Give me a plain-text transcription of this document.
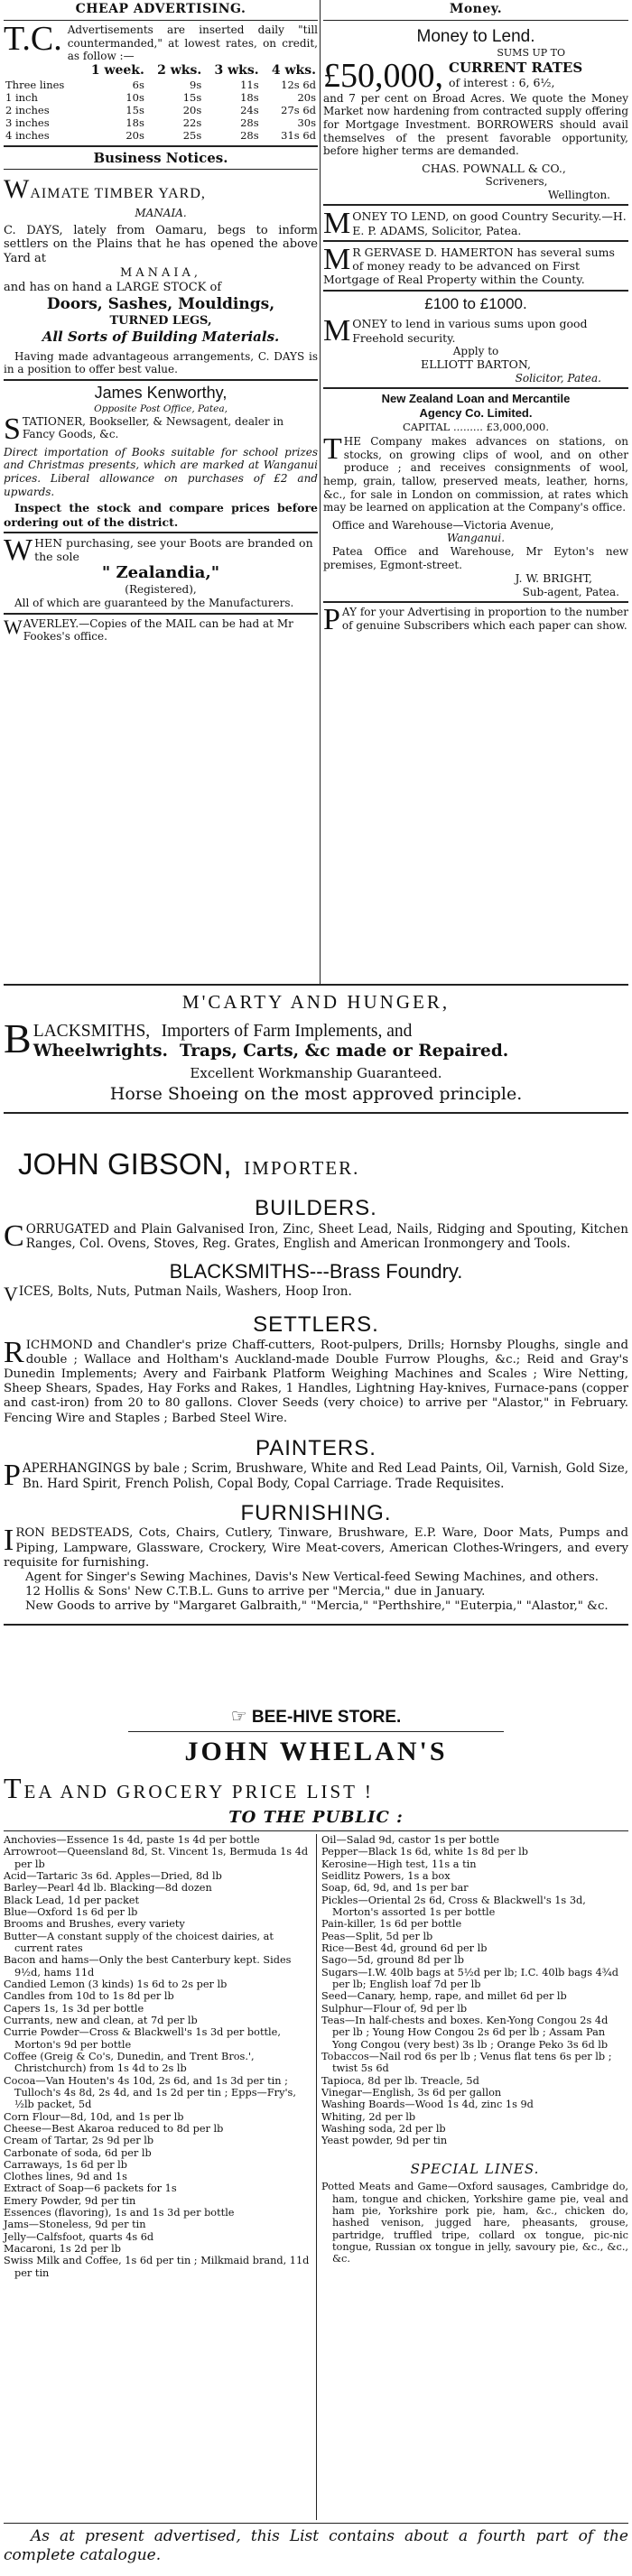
CHEAP ADVERTISING.
T.C. Advertisements are inserted daily "till countermanded," at lowest rates, on credit, as follow :—
	1 week.	2 wks.	3 wks.	4 wks.
Three lines	6s	9s	11s	12s 6d
1 inch	10s	15s	18s	20s
2 inches	15s	20s	24s	27s 6d
3 inches	18s	22s	28s	30s
4 inches	20s	25s	28s	31s 6d
Business Notices.
WAIMATE TIMBER YARD,
MANAIA.

C. DAYS, lately from Oamaru, begs to inform settlers on the Plains that he has opened the above Yard at

MANAIA,

and has on hand a LARGE STOCK of

Doors, Sashes, Mouldings,
TURNED LEGS,
All Sorts of Building Materials.

Having made advantageous arrangements, C. DAYS is in a position to offer best value.

James Kenworthy,
Opposite Post Office, Patea,
S TATIONER, Bookseller, & Newsagent, dealer in Fancy Goods, &c.

Direct importation of Books suitable for school prizes and Christmas presents, which are marked at Wanganui prices. Liberal allowance on purchases of £2 and upwards.

Inspect the stock and compare prices before ordering out of the district.

W HEN purchasing, see your Boots are branded on the sole
" Zealandia,"
(Registered),

All of which are guaranteed by the Manufacturers.

W AVERLEY.—Copies of the MAIL can be had at Mr Fookes's office.
Money.
Money to Lend.
SUMS UP TO
£50,000, CURRENT RATES
of interest : 6, 6½,

and 7 per cent on Broad Acres. We quote the Money Market now hardening from contracted supply offering for Mortgage Investment. BORROWERS should avail themselves of the present favorable opportunity, before higher terms are demanded.

CHAS. POWNALL & CO.,
Scriveners,
Wellington.
M ONEY TO LEND, on good Country Security.—H. E. P. ADAMS, Solicitor, Patea.
M R GERVASE D. HAMERTON has several sums of money ready to be advanced on First Mortgage of Real Property within the County.
£100 to £1000.
M ONEY to lend in various sums upon good Freehold security.
Apply to
ELLIOTT BARTON,
Solicitor, Patea.
New Zealand Loan and Mercantile
Agency Co. Limited.
CAPITAL ......... £3,000,000.
T HE Company makes advances on stations, on stocks, on growing clips of wool, and on other produce ; and receives consignments of wool, hemp, grain, tallow, preserved meats, leather, horns, &c., for sale in London on commission, at rates which may be learned on application at the Company's office.

Office and Warehouse—Victoria Avenue,

Wanganui.

Patea Office and Warehouse, Mr Eyton's new premises, Egmont-street.

J. W. BRIGHT,
Sub-agent, Patea.
P AY for your Advertising in proportion to the number of genuine Subscribers which each paper can show.
M'CARTY AND HUNGER,
B LACKSMITHS, Importers of Farm Implements, and
Wheelwrights. Traps, Carts, &c made or Repaired.
Excellent Workmanship Guaranteed.
Horse Shoeing on the most approved principle.
JOHN GIBSON, IMPORTER.
BUILDERS.
C ORRUGATED and Plain Galvanised Iron, Zinc, Sheet Lead, Nails, Ridging and Spouting, Kitchen Ranges, Col. Ovens, Stoves, Reg. Grates, English and American Ironmongery and Tools.
BLACKSMITHS---Brass Foundry.
V ICES, Bolts, Nuts, Putman Nails, Washers, Hoop Iron.
SETTLERS.
R ICHMOND and Chandler's prize Chaff-cutters, Root-pulpers, Drills; Hornsby Ploughs, single and double ; Wallace and Holtham's Auckland-made Double Furrow Ploughs, &c.; Reid and Gray's Dunedin Implements; Avery and Fairbank Platform Weighing Machines and Scales ; Wire Netting, Sheep Shears, Spades, Hay Forks and Rakes, 1 Handles, Lightning Hay-knives, Furnace-pans (copper and cast-iron) from 20 to 80 gallons. Clover Seeds (very choice) to arrive per "Alastor," in February. Fencing Wire and Staples ; Barbed Steel Wire.
PAINTERS.
P APERHANGINGS by bale ; Scrim, Brushware, White and Red Lead Paints, Oil, Varnish, Gold Size, Bn. Hard Spirit, French Polish, Copal Body, Copal Carriage. Trade Requisites.
FURNISHING.
I RON BEDSTEADS, Cots, Chairs, Cutlery, Tinware, Brushware, E.P. Ware, Door Mats, Pumps and Piping, Lampware, Glassware, Crockery, Wire Meat-covers, American Clothes-Wringers, and every requisite for furnishing.

Agent for Singer's Sewing Machines, Davis's New Vertical-feed Sewing Machines, and others.

12 Hollis & Sons' New C.T.B.L. Guns to arrive per "Mercia," due in January.

New Goods to arrive by "Margaret Galbraith," "Mercia," "Perthshire," "Euterpia," "Alastor," &c.

☞ BEE-HIVE STORE.
JOHN WHELAN'S
TEA AND GROCERY PRICE LIST !
TO THE PUBLIC :

Anchovies—Essence 1s 4d, paste 1s 4d per bottle

Arrowroot—Queensland 8d, St. Vincent 1s, Bermuda 1s 4d per lb

Acid—Tartaric 3s 6d. Apples—Dried, 8d lb

Barley—Pearl 4d lb. Blacking—8d dozen

Black Lead, 1d per packet

Blue—Oxford 1s 6d per lb

Brooms and Brushes, every variety

Butter—A constant supply of the choicest dairies, at current rates

Bacon and hams—Only the best Canterbury kept. Sides 9½d, hams 11d

Candied Lemon (3 kinds) 1s 6d to 2s per lb

Candles from 10d to 1s 8d per lb

Capers 1s, 1s 3d per bottle

Currants, new and clean, at 7d per lb

Currie Powder—Cross & Blackwell's 1s 3d per bottle, Morton's 9d per bottle

Coffee (Greig & Co's, Dunedin, and Trent Bros.', Christchurch) from 1s 4d to 2s lb

Cocoa—Van Houten's 4s 10d, 2s 6d, and 1s 3d per tin ; Tulloch's 4s 8d, 2s 4d, and 1s 2d per tin ; Epps—Fry's, ½lb packet, 5d

Corn Flour—8d, 10d, and 1s per lb

Cheese—Best Akaroa reduced to 8d per lb

Cream of Tartar, 2s 9d per lb

Carbonate of soda, 6d per lb

Carraways, 1s 6d per lb

Clothes lines, 9d and 1s

Extract of Soap—6 packets for 1s

Emery Powder, 9d per tin

Essences (flavoring), 1s and 1s 3d per bottle

Jams—Stoneless, 9d per tin

Jelly—Calfsfoot, quarts 4s 6d

Macaroni, 1s 2d per lb

Swiss Milk and Coffee, 1s 6d per tin ; Milkmaid brand, 11d per tin

Oil—Salad 9d, castor 1s per bottle

Pepper—Black 1s 6d, white 1s 8d per lb

Kerosine—High test, 11s a tin

Seidlitz Powers, 1s a box

Soap, 6d, 9d, and 1s per bar

Pickles—Oriental 2s 6d, Cross & Blackwell's 1s 3d, Morton's assorted 1s per bottle

Pain-killer, 1s 6d per bottle

Peas—Split, 5d per lb

Rice—Best 4d, ground 6d per lb

Sago—5d, ground 8d per lb

Sugars—I.W. 40lb bags at 5½d per lb; I.C. 40lb bags 4¾d per lb; English loaf 7d per lb

Seed—Canary, hemp, rape, and millet 6d per lb

Sulphur—Flour of, 9d per lb

Teas—In half-chests and boxes. Ken-Yong Congou 2s 4d per lb ; Young How Congou 2s 6d per lb ; Assam Pan Yong Congou (very best) 3s lb ; Orange Peko 3s 6d lb

Tobaccos—Nail rod 6s per lb ; Venus flat tens 6s per lb ; twist 5s 6d

Tapioca, 8d per lb. Treacle, 5d

Vinegar—English, 3s 6d per gallon

Washing Boards—Wood 1s 4d, zinc 1s 9d

Whiting, 2d per lb

Washing soda, 2d per lb

Yeast powder, 9d per tin

SPECIAL LINES.

Potted Meats and Game—Oxford sausages, Cambridge do, ham, tongue and chicken, Yorkshire game pie, veal and ham pie, Yorkshire pork pie, ham, &c., chicken do, hashed venison, jugged hare, pheasants, grouse, partridge, truffled tripe, collard ox tongue, pic-nic tongue, Russian ox tongue in jelly, savoury pie, &c., &c., &c.

As at present advertised, this List contains about a fourth part of the complete catalogue.
